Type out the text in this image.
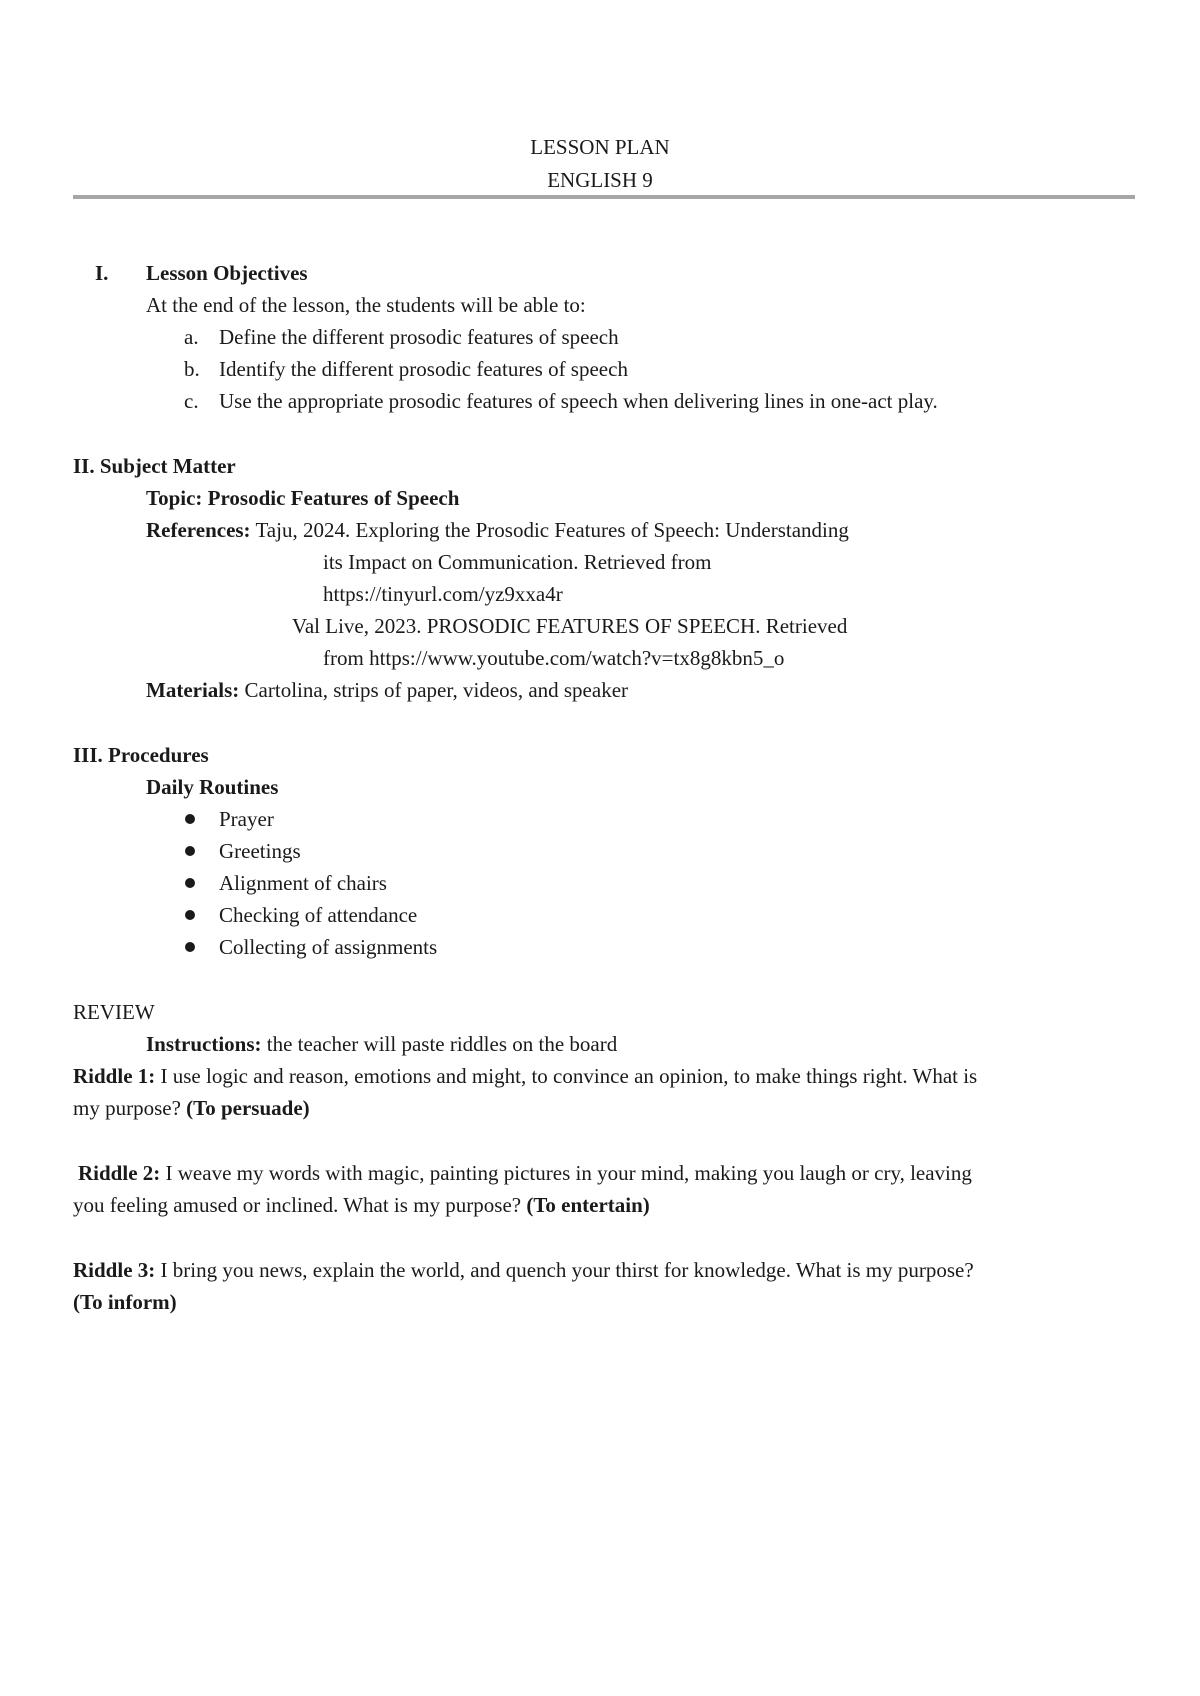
LESSON PLAN
ENGLISH 9
I. Lesson Objectives
At the end of the lesson, the students will be able to:
a. Define the different prosodic features of speech
b. Identify the different prosodic features of speech
c. Use the appropriate prosodic features of speech when delivering lines in one-act play.
II. Subject Matter
Topic: Prosodic Features of Speech
References: Taju, 2024. Exploring the Prosodic Features of Speech: Understanding
its Impact on Communication. Retrieved from
https://tinyurl.com/yz9xxa4r
Val Live, 2023. PROSODIC FEATURES OF SPEECH. Retrieved
from https://www.youtube.com/watch?v=tx8g8kbn5_o
Materials: Cartolina, strips of paper, videos, and speaker
III. Procedures
Daily Routines
Prayer
Greetings
Alignment of chairs
Checking of attendance
Collecting of assignments
REVIEW
Instructions: the teacher will paste riddles on the board
Riddle 1: I use logic and reason, emotions and might, to convince an opinion, to make things right. What is
my purpose? (To persuade)
Riddle 2: I weave my words with magic, painting pictures in your mind, making you laugh or cry, leaving
you feeling amused or inclined. What is my purpose? (To entertain)
Riddle 3: I bring you news, explain the world, and quench your thirst for knowledge. What is my purpose?
(To inform)
